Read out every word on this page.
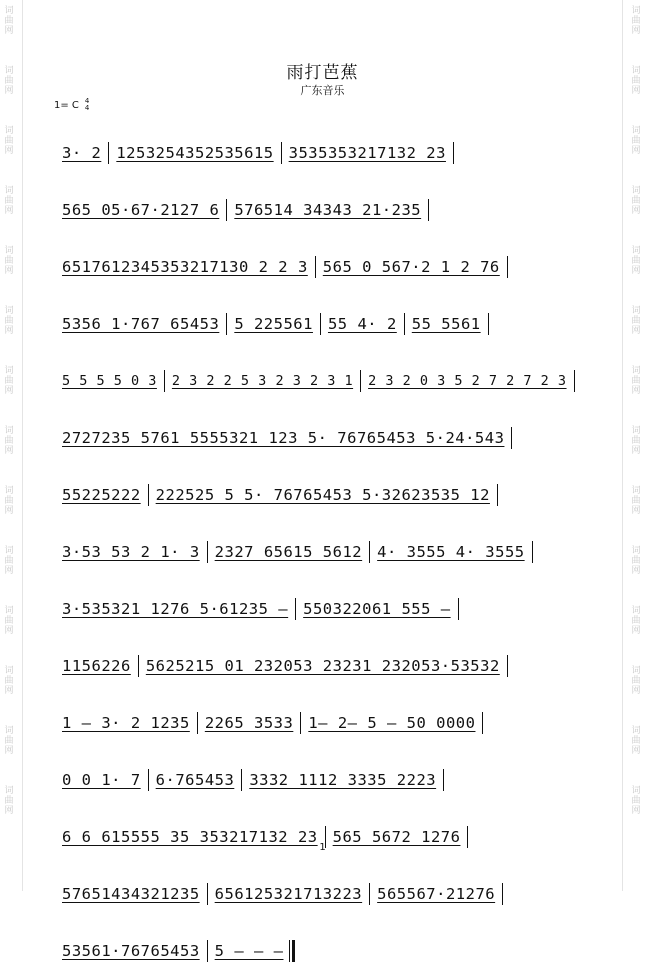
词
曲
网
词
曲
网
词
曲
网
词
曲
网
词
曲
网
词
曲
网
词
曲
网
词
曲
网
词
曲
网
词
曲
网
词
曲
网
词
曲
网
词
曲
网
词
曲
网
词
曲
网
词
曲
网
词
曲
网
词
曲
网
词
曲
网
词
曲
网
词
曲
网
词
曲
网
词
曲
网
词
曲
网
词
曲
网
词
曲
网
词
曲
网
词
曲
网
雨打芭蕉
广东音乐
1= C 4
4
3· 2 1253254352535615 3535353217132 23
565 05·67·2127 6 576514 34343 21·235
6517612345353217130 2 2 3 565 0 567·2 1 2 76
5356 1·767 65453 5 225561 55 4· 2 55 5561
5 5 5 5 0 3 2 3 2 2 5 3 2 3 2 3 1 2 3 2 0 3 5 2 7 2 7 2 3
2727235 5761 5555321 123 5· 76765453 5·24·543
55225222 222525 5 5· 76765453 5·32623535 12
3·53 53 2 1· 3 2327 65615 5612 4· 3555 4· 3555
3·535321 1276 5·61235 — 550322061 555 —
1156226 5625215 01 232053 23231 232053·53532
1 — 3· 2 1235 2265 3533 1— 2— 5 — 50 0000
0 0 1· 7 6·765453 3332 1112 3335 2223
6 6 615555 35 353217132 23 565 5672 1276
57651434321235 656125321713223 565567·21276
53561·76765453 5 — — —
1
